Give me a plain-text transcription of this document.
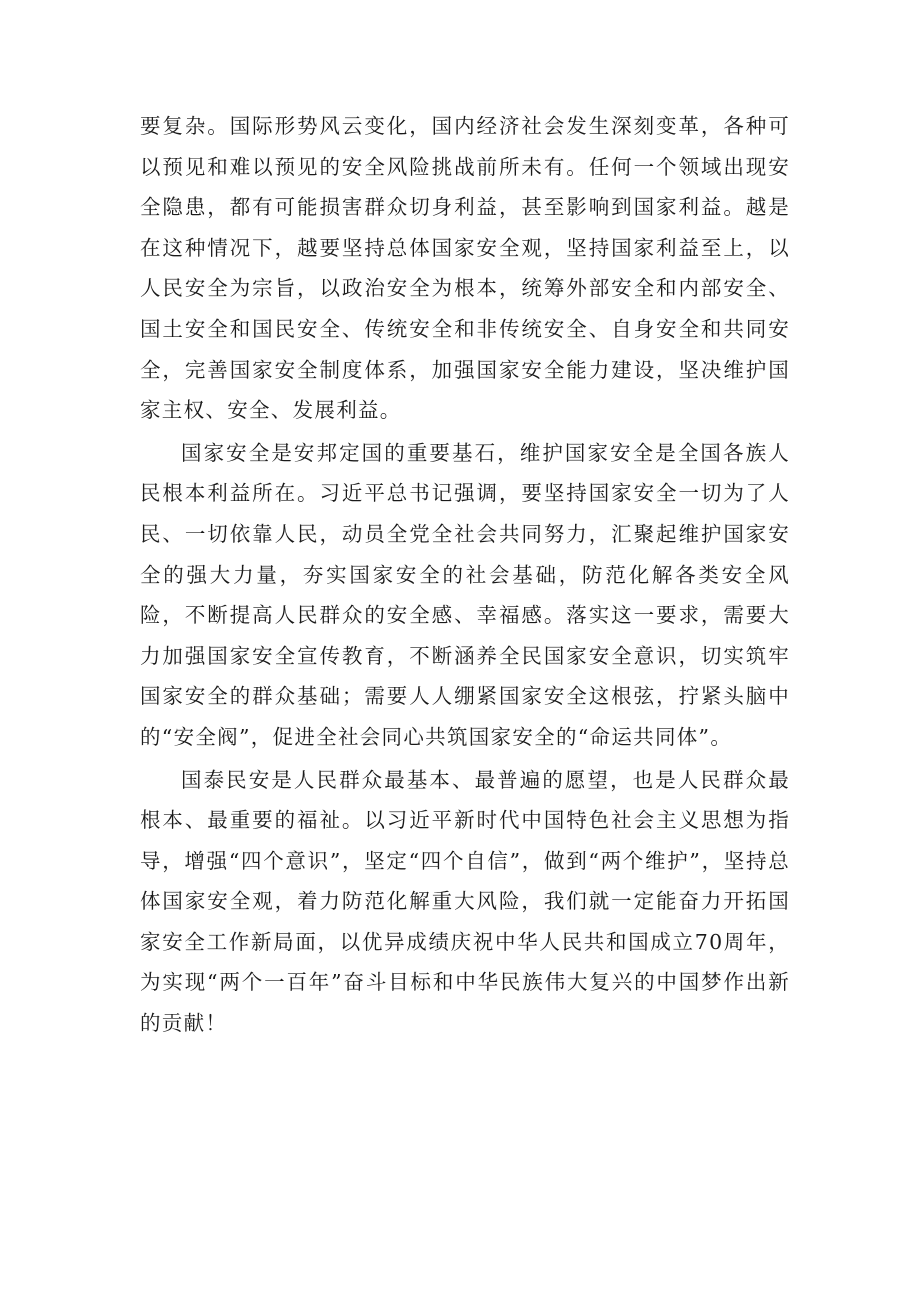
要复杂。国际形势风云变化，国内经济社会发生深刻变革，各种可以预见和难以预见的安全风险挑战前所未有。任何一个领域出现安全隐患，都有可能损害群众切身利益，甚至影响到国家利益。越是在这种情况下，越要坚持总体国家安全观，坚持国家利益至上，以人民安全为宗旨，以政治安全为根本，统筹外部安全和内部安全、国土安全和国民安全、传统安全和非传统安全、自身安全和共同安全，完善国家安全制度体系，加强国家安全能力建设，坚决维护国家主权、安全、发展利益。

国家安全是安邦定国的重要基石，维护国家安全是全国各族人民根本利益所在。习近平总书记强调，要坚持国家安全一切为了人民、一切依靠人民，动员全党全社会共同努力，汇聚起维护国家安全的强大力量，夯实国家安全的社会基础，防范化解各类安全风险，不断提高人民群众的安全感、幸福感。落实这一要求，需要大力加强国家安全宣传教育，不断涵养全民国家安全意识，切实筑牢国家安全的群众基础；需要人人绷紧国家安全这根弦，拧紧头脑中的“安全阀”，促进全社会同心共筑国家安全的“命运共同体”。

国泰民安是人民群众最基本、最普遍的愿望，也是人民群众最根本、最重要的福祉。以习近平新时代中国特色社会主义思想为指导，增强“四个意识”，坚定“四个自信”，做到“两个维护”，坚持总体国家安全观，着力防范化解重大风险，我们就一定能奋力开拓国家安全工作新局面，以优异成绩庆祝中华人民共和国成立70周年，为实现“两个一百年”奋斗目标和中华民族伟大复兴的中国梦作出新的贡献！
